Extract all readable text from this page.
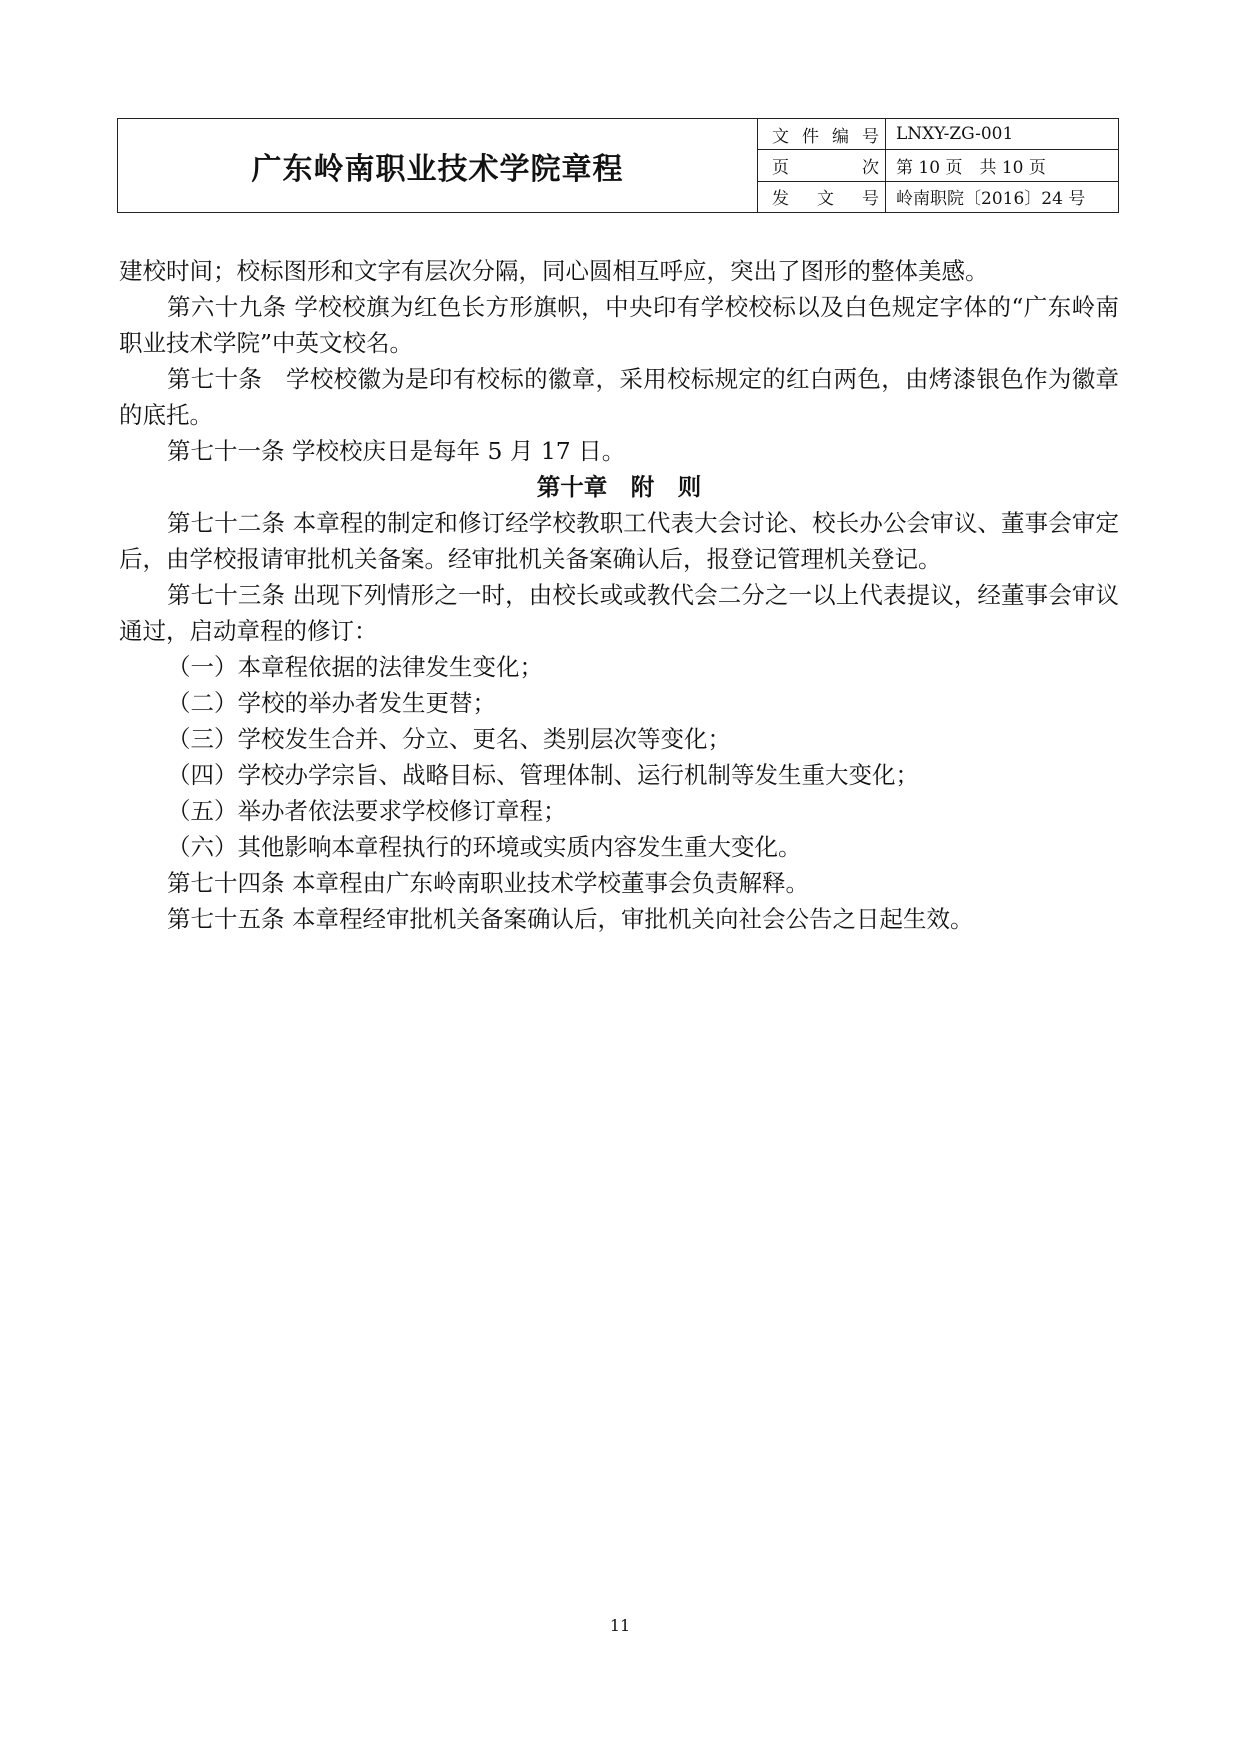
广东岭南职业技术学院章程	文 件 编 号	LNXY-ZG-001

	页 次	第 10 页　共 10 页

	发 文 号	岭南职院〔2016〕24 号

建校时间；校标图形和文字有层次分隔，同心圆相互呼应，突出了图形的整体美感。

第六十九条 学校校旗为红色长方形旗帜，中央印有学校校标以及白色规定字体的“广东岭南职业技术学院”中英文校名。

第七十条　学校校徽为是印有校标的徽章，采用校标规定的红白两色，由烤漆银色作为徽章的底托。

第七十一条 学校校庆日是每年 5 月 17 日。

第十章　附　则

第七十二条 本章程的制定和修订经学校教职工代表大会讨论、校长办公会审议、董事会审定后，由学校报请审批机关备案。经审批机关备案确认后，报登记管理机关登记。

第七十三条 出现下列情形之一时，由校长或或教代会二分之一以上代表提议，经董事会审议通过，启动章程的修订：

（一）本章程依据的法律发生变化；

（二）学校的举办者发生更替；

（三）学校发生合并、分立、更名、类别层次等变化；

（四）学校办学宗旨、战略目标、管理体制、运行机制等发生重大变化；

（五）举办者依法要求学校修订章程；

（六）其他影响本章程执行的环境或实质内容发生重大变化。

第七十四条 本章程由广东岭南职业技术学校董事会负责解释。

第七十五条 本章程经审批机关备案确认后，审批机关向社会公告之日起生效。

11
